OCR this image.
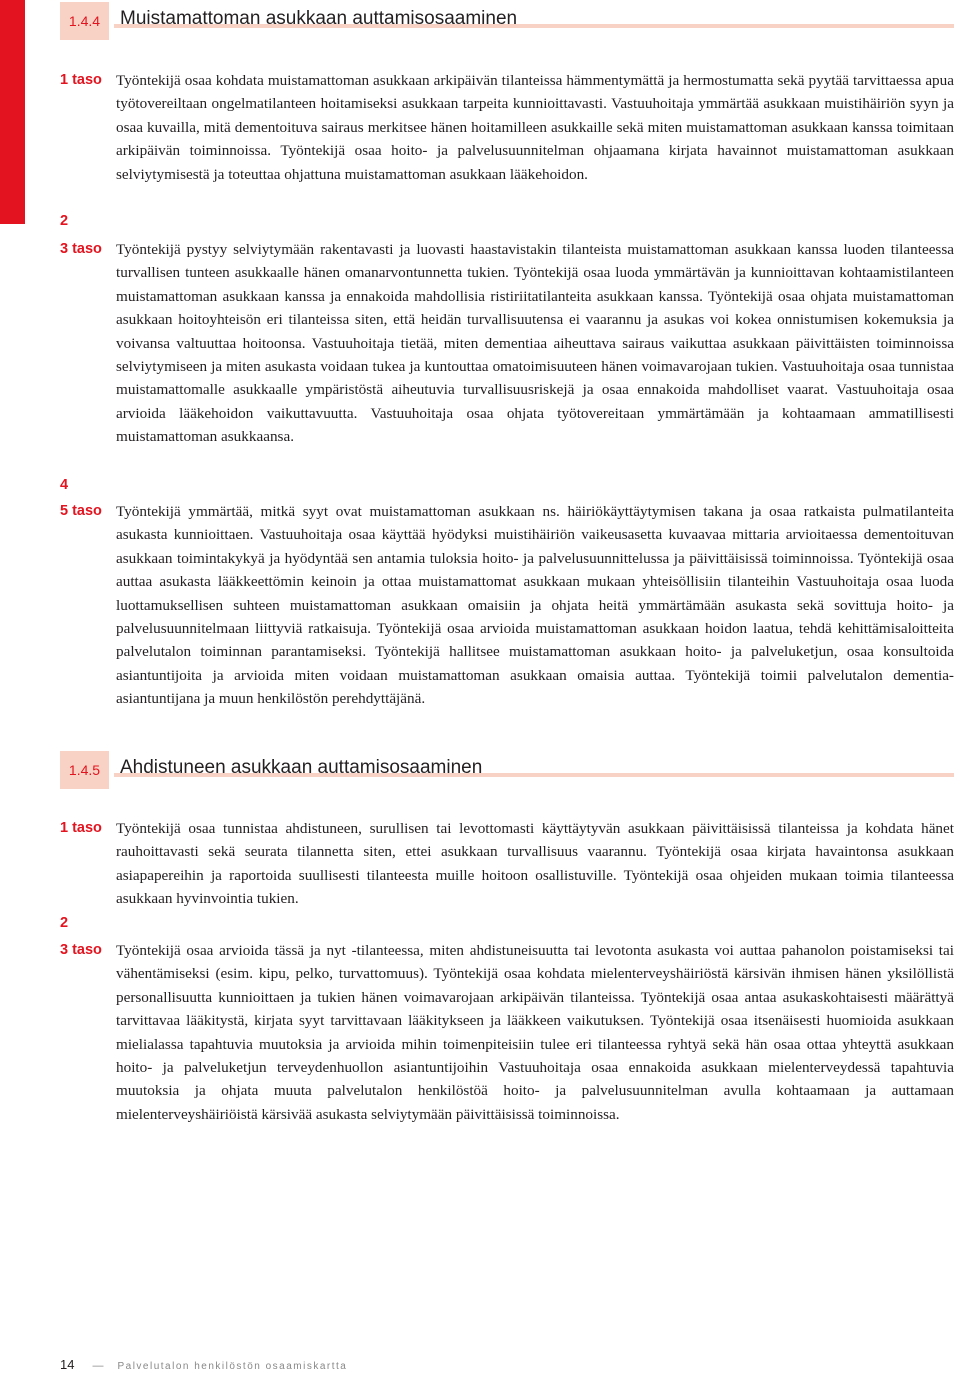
1.4.4	Muistamattoman asukkaan auttamisosaaminen
1 taso Työntekijä osaa kohdata muistamattoman asukkaan arkipäivän tilanteissa hämmentymättä ja hermostumatta sekä pyytää tarvittaessa apua työtovereiltaan ongelmatilanteen hoitamiseksi asukkaan tarpeita kunnioittavasti. Vastuuhoitaja ymmärtää asukkaan muistihäiriön syyn ja osaa kuvailla, mitä dementoituva sairaus merkitsee hänen hoitamilleen asukkaille sekä miten muistamattoman asukkaan kanssa toimitaan arkipäivän toiminnoissa. Työntekijä osaa hoito- ja palvelusuunnitelman ohjaamana kirjata havainnot muistamattoman asukkaan selviytymisestä ja toteuttaa ohjattuna muistamattoman asukkaan lääkehoidon.

2
3 taso Työntekijä pystyy selviytymään rakentavasti ja luovasti haastavistakin tilanteista muistamattoman asukkaan kanssa luoden tilanteessa turvallisen tunteen asukkaalle hänen omanarvontunnetta tukien. Työntekijä osaa luoda ymmärtävän ja kunnioittavan kohtaamistilanteen muistamattoman asukkaan kanssa ja ennakoida mahdollisia ristiriitatilanteita asukkaan kanssa. Työntekijä osaa ohjata muistamattoman asukkaan hoitoyhteisön eri tilanteissa siten, että heidän turvallisuutensa ei vaarannu ja asukas voi kokea onnistumisen kokemuksia ja voivansa valtuuttaa hoitoonsa. Vastuuhoitaja tietää, miten dementiaa aiheuttava sairaus vaikuttaa asukkaan päivittäisten toiminnoissa selviytymiseen ja miten asukasta voidaan tukea ja kuntouttaa omatoimisuuteen hänen voimavarojaan tukien. Vastuuhoitaja osaa tunnistaa muistamattomalle asukkaalle ympäristöstä aiheutuvia turvallisuusriskejä ja osaa ennakoida mahdolliset vaarat. Vastuuhoitaja osaa arvioida lääkehoidon vaikuttavuutta. Vastuuhoitaja osaa ohjata työtovereitaan ymmärtämään ja kohtaamaan ammatillisesti muistamattoman asukkaansa.

4
5 taso Työntekijä ymmärtää, mitkä syyt ovat muistamattoman asukkaan ns. häiriökäyttäytymisen takana ja osaa ratkaista pulmatilanteita asukasta kunnioittaen. Vastuuhoitaja osaa käyttää hyödyksi muistihäiriön vaikeusasetta kuvaavaa mittaria arvioitaessa dementoituvan asukkaan toimintakykyä ja hyödyntää sen antamia tuloksia hoito- ja palvelusuunnittelussa ja päivittäisissä toiminnoissa. Työntekijä osaa auttaa asukasta lääkkeettömin keinoin ja ottaa muistamattomat asukkaan mukaan yhteisöllisiin tilanteihin Vastuuhoitaja osaa luoda luottamuksellisen suhteen muistamattoman asukkaan omaisiin ja ohjata heitä ymmärtämään asukasta sekä sovittuja hoito- ja palvelusuunnitelmaan liittyviä ratkaisuja. Työntekijä osaa arvioida muistamattoman asukkaan hoidon laatua, tehdä kehittämisaloitteita palvelutalon toiminnan parantamiseksi. Työntekijä hallitsee muistamattoman asukkaan hoito- ja palveluketjun, osaa konsultoida asiantuntijoita ja arvioida miten voidaan muistamattoman asukkaan omaisia auttaa. Työntekijä toimii palvelutalon dementia-asiantuntijana ja muun henkilöstön perehdyttäjänä.

1.4.5	Ahdistuneen asukkaan auttamisosaaminen
1 taso Työntekijä osaa tunnistaa ahdistuneen, surullisen tai levottomasti käyttäytyvän asukkaan päivittäisissä tilanteissa ja kohdata hänet rauhoittavasti sekä seurata tilannetta siten, ettei asukkaan turvallisuus vaarannu. Työntekijä osaa kirjata havaintonsa asukkaan asiapapereihin ja raportoida suullisesti tilanteesta muille hoitoon osallistuville. Työntekijä osaa ohjeiden mukaan toimia tilanteessa asukkaan hyvinvointia tukien.

2
3 taso Työntekijä osaa arvioida tässä ja nyt -tilanteessa, miten ahdistuneisuutta tai levotonta asukasta voi auttaa pahanolon poistamiseksi tai vähentämiseksi (esim. kipu, pelko, turvattomuus). Työntekijä osaa kohdata mielenterveyshäiriöstä kärsivän ihmisen hänen yksilöllistä personallisuutta kunnioittaen ja tukien hänen voimavarojaan arkipäivän tilanteissa. Työntekijä osaa antaa asukaskohtaisesti määrättyä tarvittavaa lääkitystä, kirjata syyt tarvittavaan lääkitykseen ja lääkkeen vaikutuksen. Työntekijä osaa itsenäisesti huomioida asukkaan mielialassa tapahtuvia muutoksia ja arvioida mihin toimenpiteisiin tulee eri tilanteessa ryhtyä sekä hän osaa ottaa yhteyttä asukkaan hoito- ja palveluketjun terveydenhuollon asiantuntijoihin Vastuuhoitaja osaa ennakoida asukkaan mielenterveydessä tapahtuvia muutoksia ja ohjata muuta palvelutalon henkilöstöä hoito- ja palvelusuunnitelman avulla kohtaamaan ja auttamaan mielenterveyshäiriöistä kärsivää asukasta selviytymään päivittäisissä toiminnoissa.

14 — Palvelutalon henkilöstön osaamiskartta
